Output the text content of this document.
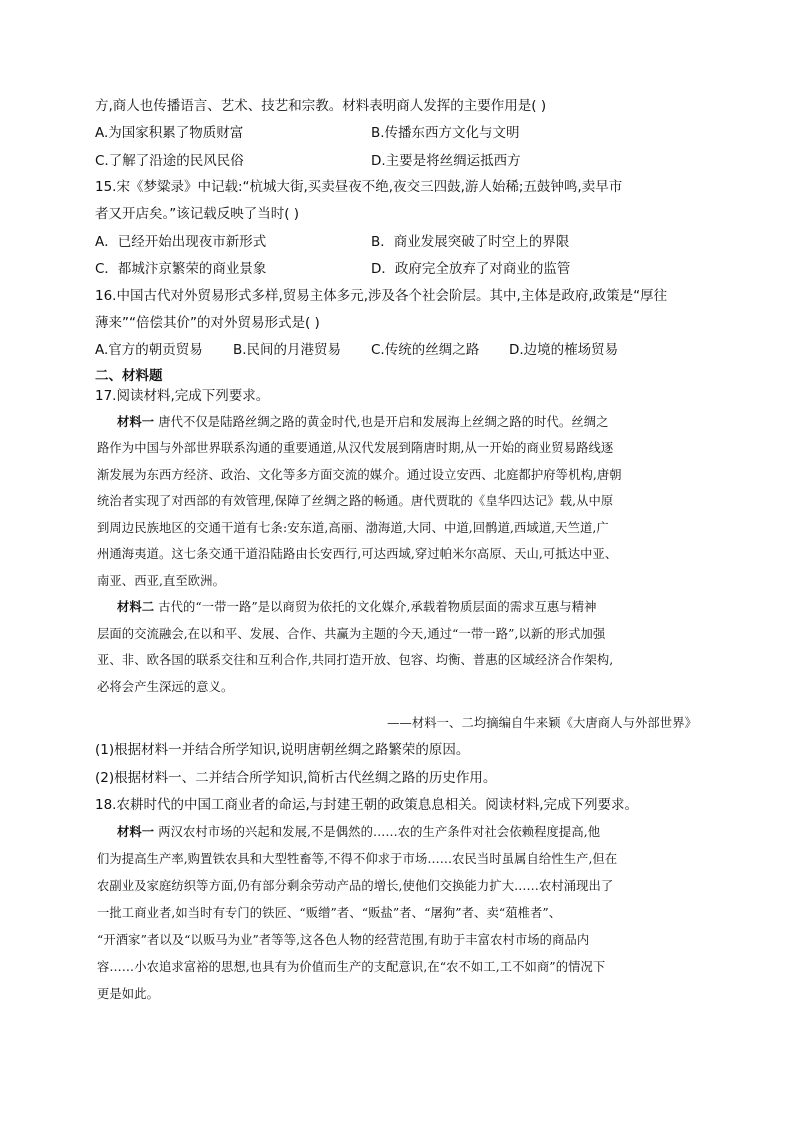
方,商人也传播语言、艺术、技艺和宗教。材料表明商人发挥的主要作用是( )
A.为国家积累了物质财富	B.传播东西方文化与文明
C.了解了沿途的民风民俗	D.主要是将丝绸运抵西方
15.宋《梦粱录》中记载:“杭城大街,买卖昼夜不绝,夜交三四鼓,游人始稀;五鼓钟鸣,卖早市
者又开店矣。”该记载反映了当时( )
A．已经开始出现夜市新形式	B．商业发展突破了时空上的界限
C．都城汴京繁荣的商业景象	D．政府完全放弃了对商业的监管
16.中国古代对外贸易形式多样,贸易主体多元,涉及各个社会阶层。其中,主体是政府,政策是“厚往
薄来”“倍偿其价”的对外贸易形式是( )
A.官方的朝贡贸易 B.民间的月港贸易 C.传统的丝绸之路 D.边境的榷场贸易
二、材料题
17.阅读材料,完成下列要求。
材料一 唐代不仅是陆路丝绸之路的黄金时代,也是开启和发展海上丝绸之路的时代。丝绸之
路作为中国与外部世界联系沟通的重要通道,从汉代发展到隋唐时期,从一开始的商业贸易路线逐
渐发展为东西方经济、政治、文化等多方面交流的媒介。通过设立安西、北庭都护府等机构,唐朝
统治者实现了对西部的有效管理,保障了丝绸之路的畅通。唐代贾耽的《皇华四达记》载,从中原
到周边民族地区的交通干道有七条:安东道,高丽、渤海道,大同、中道,回鹘道,西域道,天竺道,广
州通海夷道。这七条交通干道沿陆路由长安西行,可达西域,穿过帕米尔高原、天山,可抵达中亚、
南亚、西亚,直至欧洲。
材料二 古代的“一带一路”是以商贸为依托的文化媒介,承载着物质层面的需求互惠与精神
层面的交流融会,在以和平、发展、合作、共赢为主题的今天,通过“一带一路”,以新的形式加强
亚、非、欧各国的联系交往和互利合作,共同打造开放、包容、均衡、普惠的区域经济合作架构,
必将会产生深远的意义。
——材料一、二均摘编自牛来颖《大唐商人与外部世界》
(1)根据材料一并结合所学知识,说明唐朝丝绸之路繁荣的原因。
(2)根据材料一、二并结合所学知识,简析古代丝绸之路的历史作用。
18.农耕时代的中国工商业者的命运,与封建王朝的政策息息相关。阅读材料,完成下列要求。
材料一 两汉农村市场的兴起和发展,不是偶然的……农的生产条件对社会依赖程度提高,他
们为提高生产率,购置铁农具和大型牲畜等,不得不仰求于市场……农民当时虽属自给性生产,但在
农副业及家庭纺织等方面,仍有部分剩余劳动产品的增长,使他们交换能力扩大……农村涌现出了
一批工商业者,如当时有专门的铁匠、“贩缯”者、“贩盐”者、“屠狗”者、卖“葅椎者”、
“开酒家”者以及“以贩马为业”者等等,这各色人物的经营范围,有助于丰富农村市场的商品内
容……小农追求富裕的思想,也具有为价值而生产的支配意识,在“农不如工,工不如商”的情况下
更是如此。
